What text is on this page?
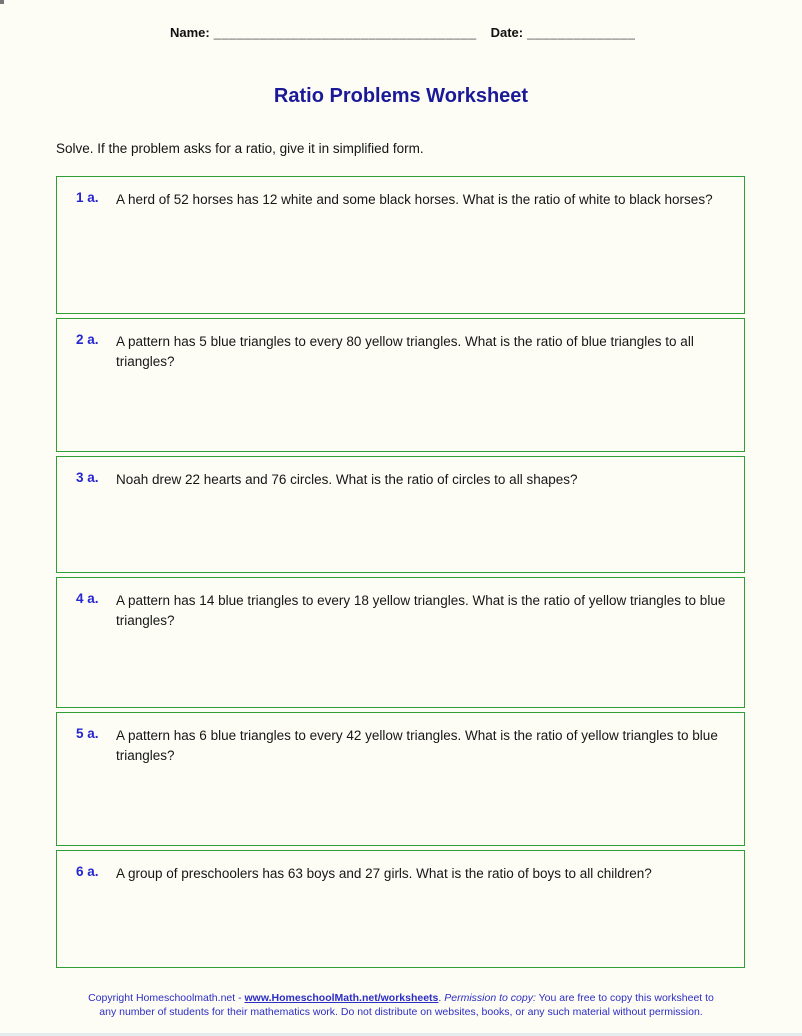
Name: __________________________________ Date: ______________
Ratio Problems Worksheet

Solve. If the problem asks for a ratio, give it in simplified form.

1 a.	A herd of 52 horses has 12 white and some black horses. What is the ratio of white to black horses?
2 a.	A pattern has 5 blue triangles to every 80 yellow triangles. What is the ratio of blue triangles to all triangles?
3 a.	Noah drew 22 hearts and 76 circles. What is the ratio of circles to all shapes?
4 a.	A pattern has 14 blue triangles to every 18 yellow triangles. What is the ratio of yellow triangles to blue triangles?
5 a.	A pattern has 6 blue triangles to every 42 yellow triangles. What is the ratio of yellow triangles to blue triangles?
6 a.	A group of preschoolers has 63 boys and 27 girls. What is the ratio of boys to all children?

Copyright Homeschoolmath.net - www.HomeschoolMath.net/worksheets. Permission to copy: You are free to copy this worksheet to any number of students for their mathematics work. Do not distribute on websites, books, or any such material without permission.
